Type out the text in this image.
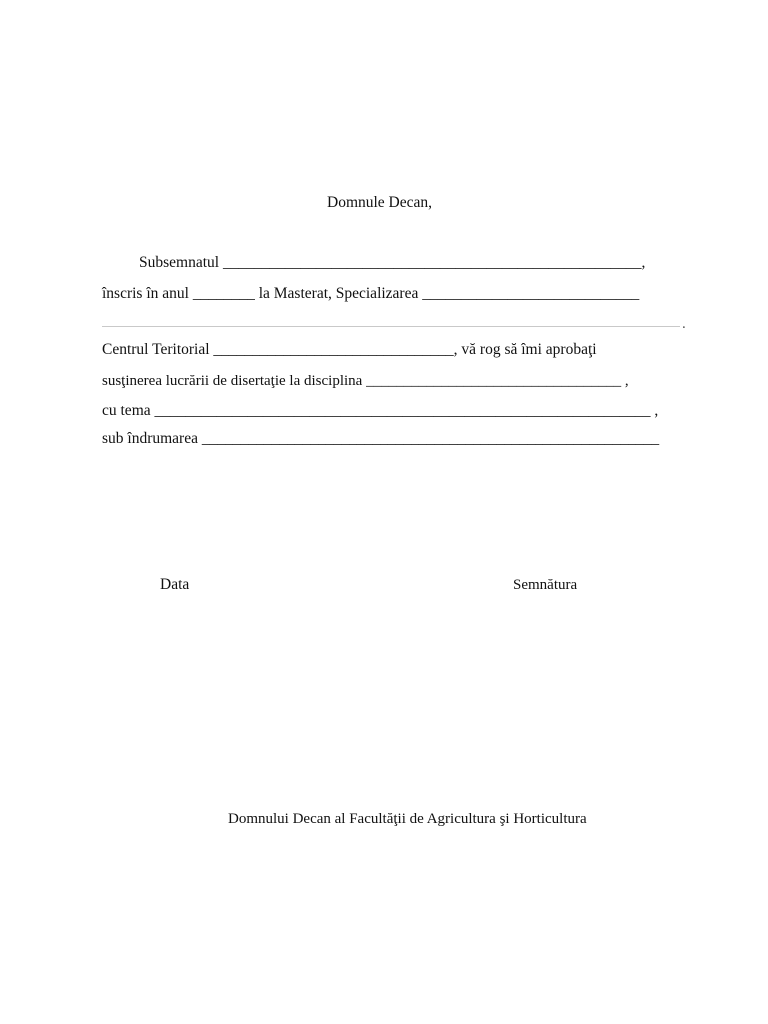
Domnule Decan,
Subsemnatul ______________________________________________________,
înscris în anul ________ la Masterat, Specializarea ____________________________
.
Centrul Teritorial _______________________________, vă rog să îmi aprobaţi
susţinerea lucrării de disertaţie la disciplina __________________________________ ,
cu tema ________________________________________________________________ ,
sub îndrumarea ___________________________________________________________
Data	Semnătura
Domnului Decan al Facultăţii de Agricultura şi Horticultura
